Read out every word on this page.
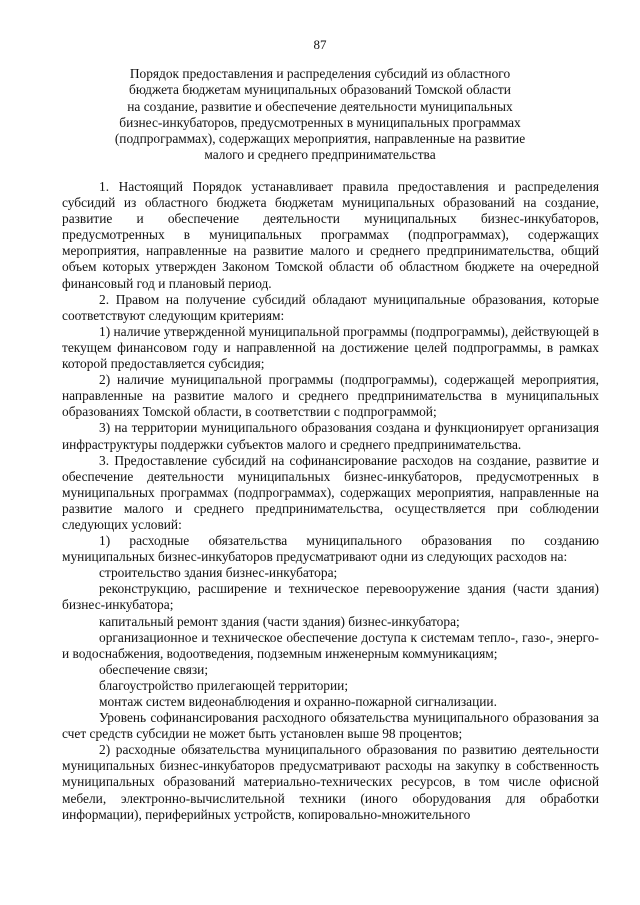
87
Порядок предоставления и распределения субсидий из областного
бюджета бюджетам муниципальных образований Томской области
на создание, развитие и обеспечение деятельности муниципальных
бизнес-инкубаторов, предусмотренных в муниципальных программах
(подпрограммах), содержащих мероприятия, направленные на развитие
малого и среднего предпринимательства

1. Настоящий Порядок устанавливает правила предоставления и распределения субсидий из областного бюджета бюджетам муниципальных образований на создание, развитие и обеспечение деятельности муниципальных бизнес-инкубаторов, предусмотренных в муниципальных программах (подпрограммах), содержащих мероприятия, направленные на развитие малого и среднего предпринимательства, общий объем которых утвержден Законом Томской области об областном бюджете на очередной финансовый год и плановый период.

2. Правом на получение субсидий обладают муниципальные образования, которые соответствуют следующим критериям:

1) наличие утвержденной муниципальной программы (подпрограммы), действующей в текущем финансовом году и направленной на достижение целей подпрограммы, в рамках которой предоставляется субсидия;

2) наличие муниципальной программы (подпрограммы), содержащей мероприятия, направленные на развитие малого и среднего предпринимательства в муниципальных образованиях Томской области, в соответствии с подпрограммой;

3) на территории муниципального образования создана и функционирует организация инфраструктуры поддержки субъектов малого и среднего предпринимательства.

3. Предоставление субсидий на софинансирование расходов на создание, развитие и обеспечение деятельности муниципальных бизнес-инкубаторов, предусмотренных в муниципальных программах (подпрограммах), содержащих мероприятия, направленные на развитие малого и среднего предпринимательства, осуществляется при соблюдении следующих условий:

1) расходные обязательства муниципального образования по созданию муниципальных бизнес-инкубаторов предусматривают одни из следующих расходов на:

строительство здания бизнес-инкубатора;

реконструкцию, расширение и техническое перевооружение здания (части здания) бизнес-инкубатора;

капитальный ремонт здания (части здания) бизнес-инкубатора;

организационное и техническое обеспечение доступа к системам тепло-, газо-, энерго- и водоснабжения, водоотведения, подземным инженерным коммуникациям;

обеспечение связи;

благоустройство прилегающей территории;

монтаж систем видеонаблюдения и охранно-пожарной сигнализации.

Уровень софинансирования расходного обязательства муниципального образования за счет средств субсидии не может быть установлен выше 98 процентов;

2) расходные обязательства муниципального образования по развитию деятельности муниципальных бизнес-инкубаторов предусматривают расходы на закупку в собственность муниципальных образований материально-технических ресурсов, в том числе офисной мебели, электронно-вычислительной техники (иного оборудования для обработки информации), периферийных устройств, копировально-множительного
